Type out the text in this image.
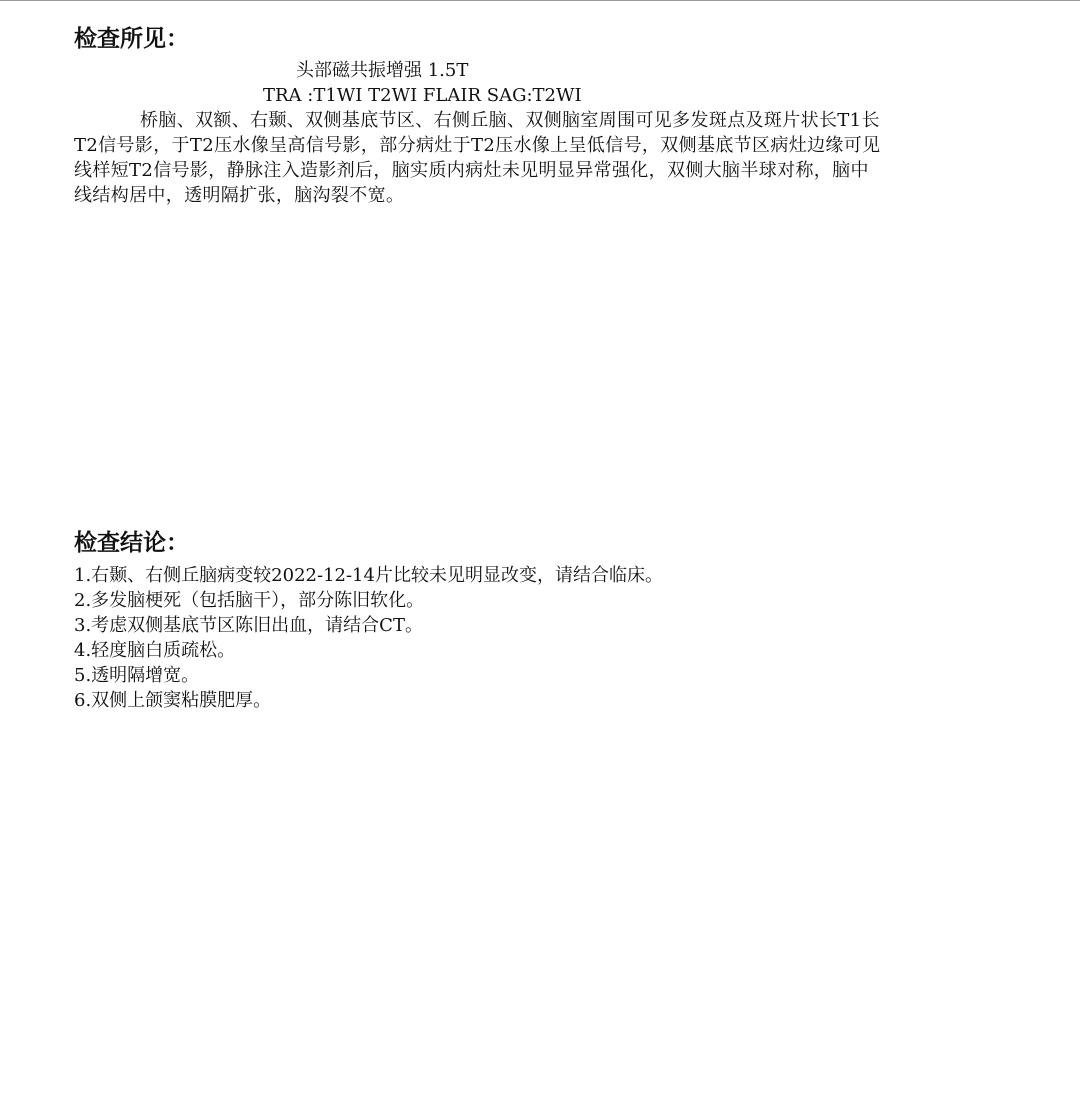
检查所见：
头部磁共振增强 1.5T
TRA :T1WI T2WI FLAIR SAG:T2WI

桥脑、双额、右颞、双侧基底节区、右侧丘脑、双侧脑室周围可见多发斑点及斑片状长T1长
T2信号影，于T2压水像呈高信号影，部分病灶于T2压水像上呈低信号，双侧基底节区病灶边缘可见
线样短T2信号影，静脉注入造影剂后，脑实质内病灶未见明显异常强化，双侧大脑半球对称，脑中
线结构居中，透明隔扩张，脑沟裂不宽。

检查结论：
1.右颞、右侧丘脑病变较2022-12-14片比较未见明显改变，请结合临床。
2.多发脑梗死（包括脑干），部分陈旧软化。
3.考虑双侧基底节区陈旧出血，请结合CT。
4.轻度脑白质疏松。
5.透明隔增宽。
6.双侧上颌窦粘膜肥厚。
